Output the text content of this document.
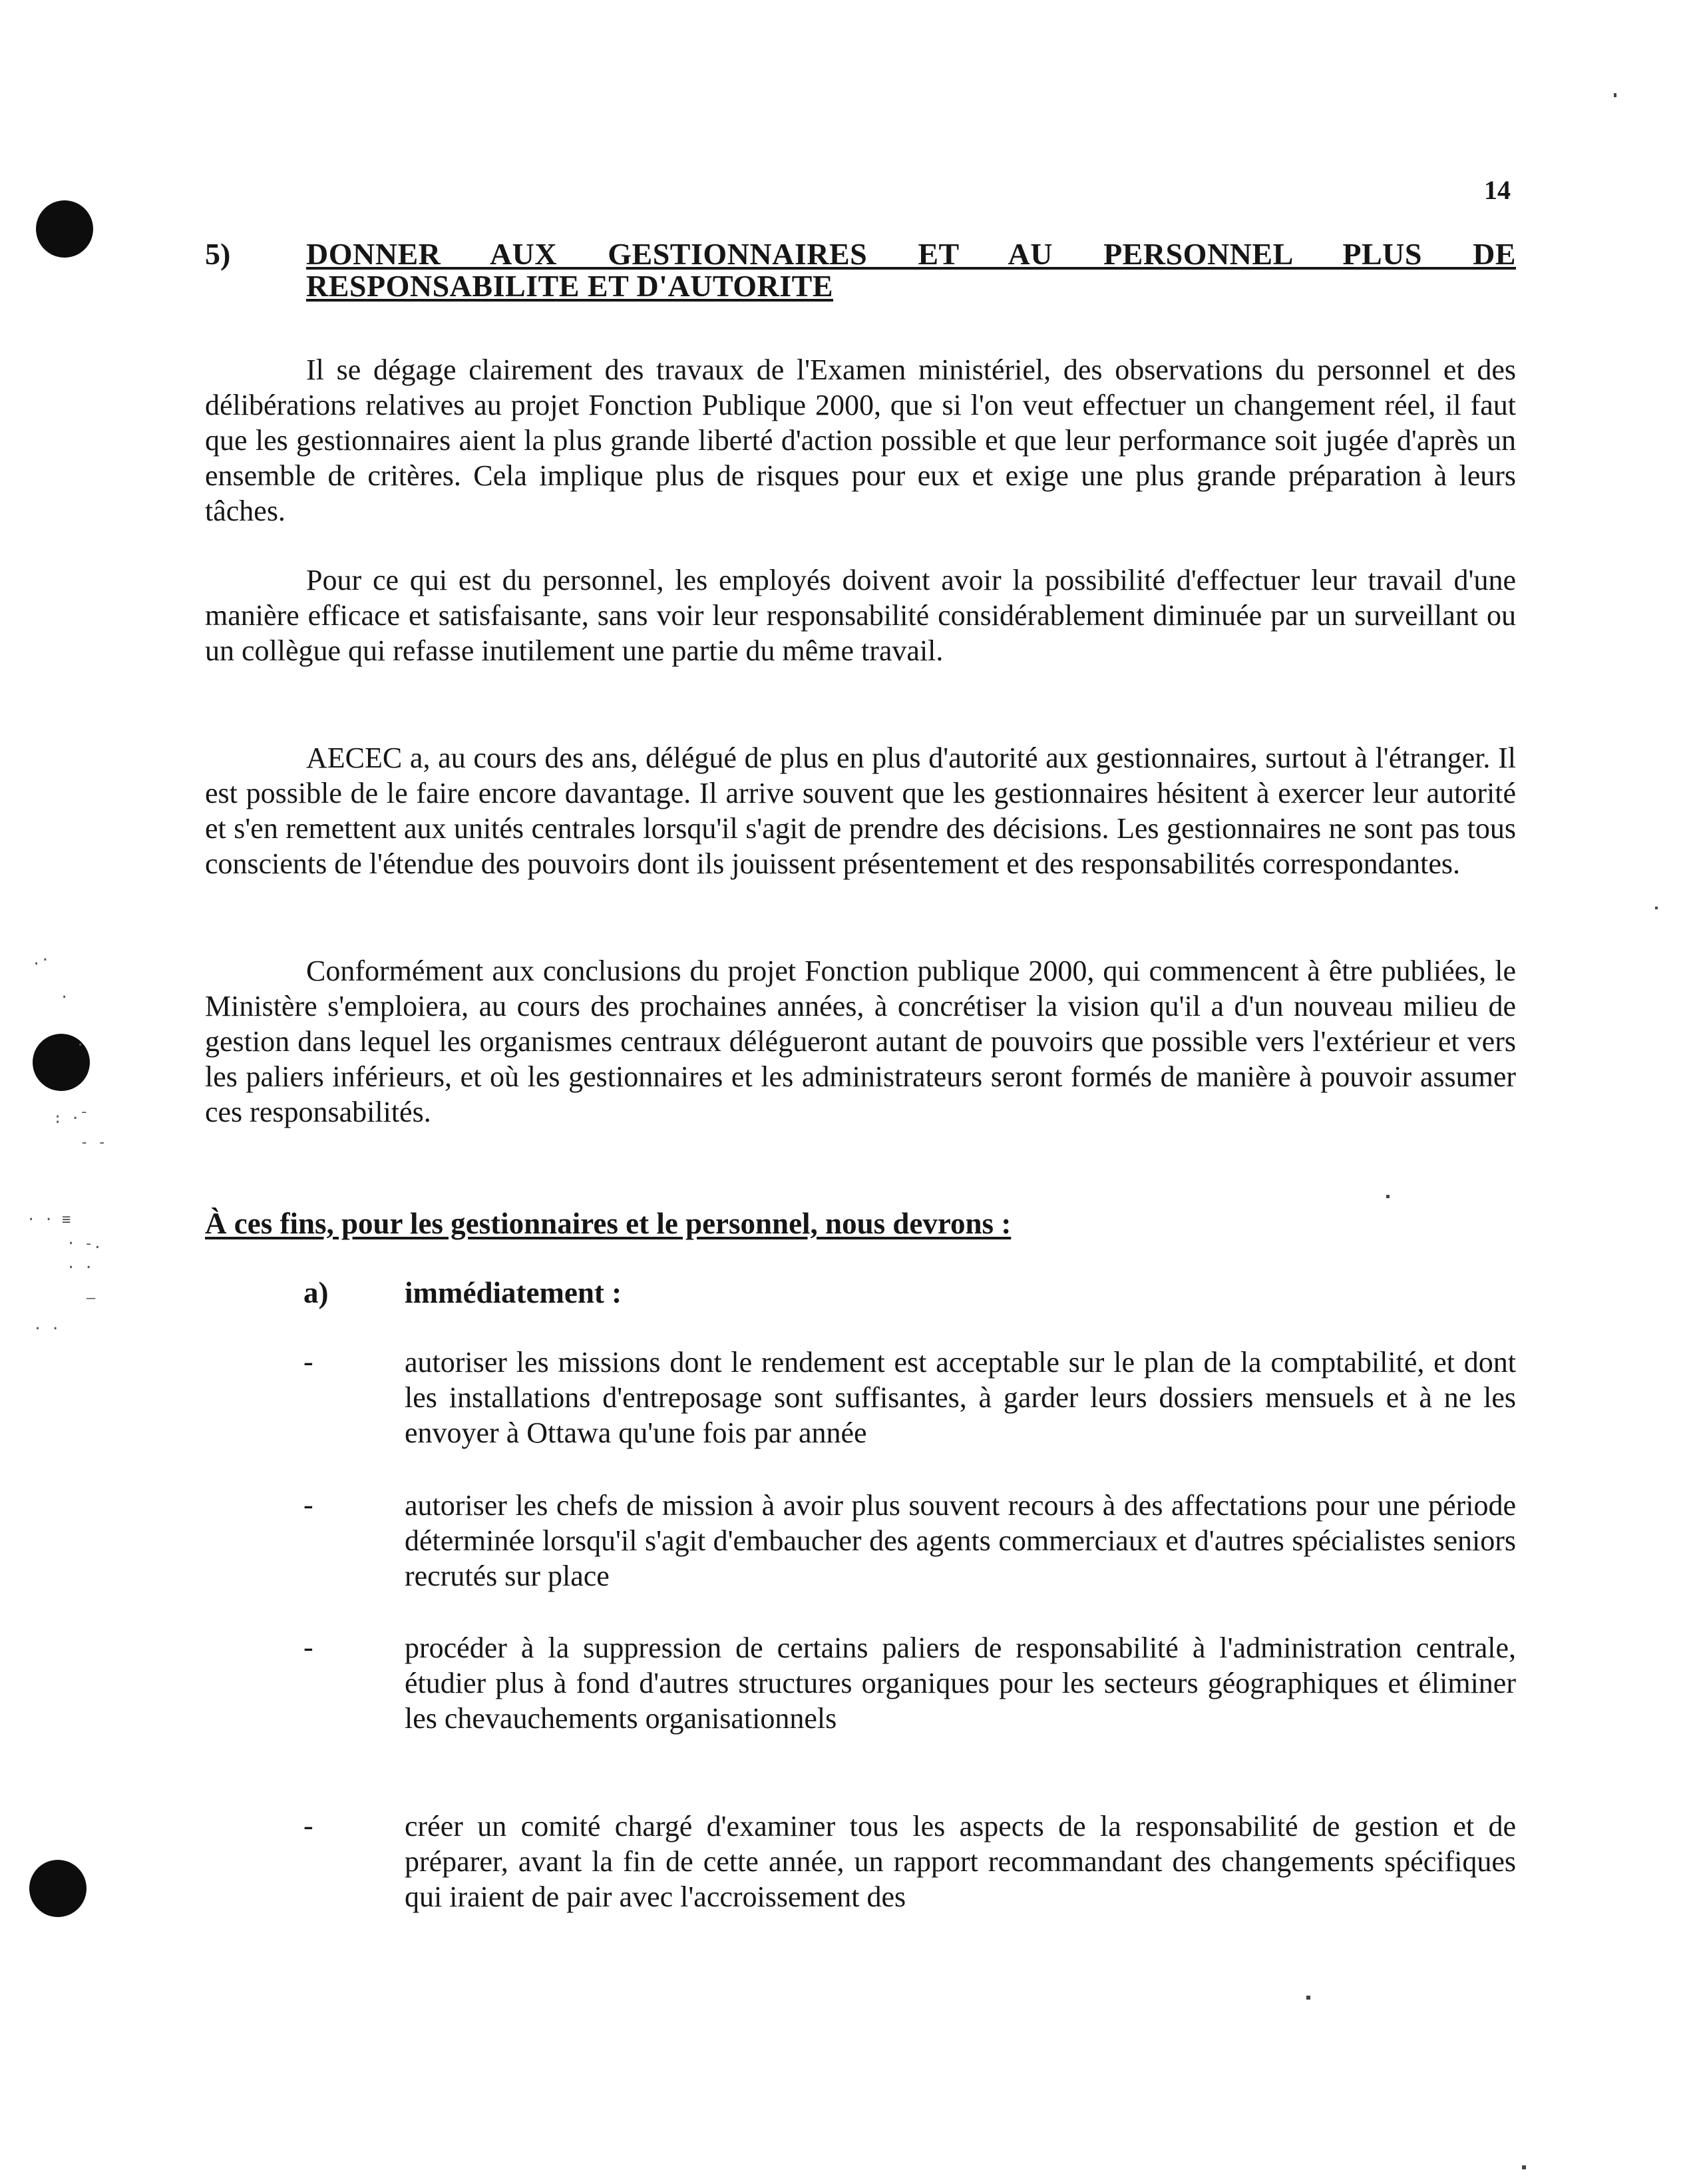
.·
·
.
: ·̄
- -
· · ≡
· -.
· ·
–
· ·
14
5) DONNER AUX GESTIONNAIRES ET AU PERSONNEL PLUS DE
RESPONSABILITE ET D'AUTORITE

Il se dégage clairement des travaux de l'Examen ministériel, des observations du personnel et des délibérations relatives au projet Fonction Publique 2000, que si l'on veut effectuer un changement réel, il faut que les gestionnaires aient la plus grande liberté d'action possible et que leur performance soit jugée d'après un ensemble de critères. Cela implique plus de risques pour eux et exige une plus grande préparation à leurs tâches.

Pour ce qui est du personnel, les employés doivent avoir la possibilité d'effectuer leur travail d'une manière efficace et satisfaisante, sans voir leur responsabilité considérablement diminuée par un surveillant ou un collègue qui refasse inutilement une partie du même travail.

AECEC a, au cours des ans, délégué de plus en plus d'autorité aux gestionnaires, surtout à l'étranger. Il est possible de le faire encore davantage. Il arrive souvent que les gestionnaires hésitent à exercer leur autorité et s'en remettent aux unités centrales lorsqu'il s'agit de prendre des décisions. Les gestionnaires ne sont pas tous conscients de l'étendue des pouvoirs dont ils jouissent présentement et des responsabilités correspondantes.

Conformément aux conclusions du projet Fonction publique 2000, qui commencent à être publiées, le Ministère s'emploiera, au cours des prochaines années, à concrétiser la vision qu'il a d'un nouveau milieu de gestion dans lequel les organismes centraux délégueront autant de pouvoirs que possible vers l'extérieur et vers les paliers inférieurs, et où les gestionnaires et les administrateurs seront formés de manière à pouvoir assumer ces responsabilités.

À ces fins, pour les gestionnaires et le personnel, nous devrons :
a)	immédiatement :
-	autoriser les missions dont le rendement est acceptable sur le plan de la comptabilité, et dont les installations d'entreposage sont suffisantes, à garder leurs dossiers mensuels et à ne les envoyer à Ottawa qu'une fois par année
-	autoriser les chefs de mission à avoir plus souvent recours à des affectations pour une période déterminée lorsqu'il s'agit d'embaucher des agents commerciaux et d'autres spécialistes seniors recrutés sur place
-	procéder à la suppression de certains paliers de responsabilité à l'administration centrale, étudier plus à fond d'autres structures organiques pour les secteurs géographiques et éliminer les chevauchements organisationnels
-	créer un comité chargé d'examiner tous les aspects de la responsabilité de gestion et de préparer, avant la fin de cette année, un rapport recommandant des changements spécifiques qui iraient de pair avec l'accroissement des
